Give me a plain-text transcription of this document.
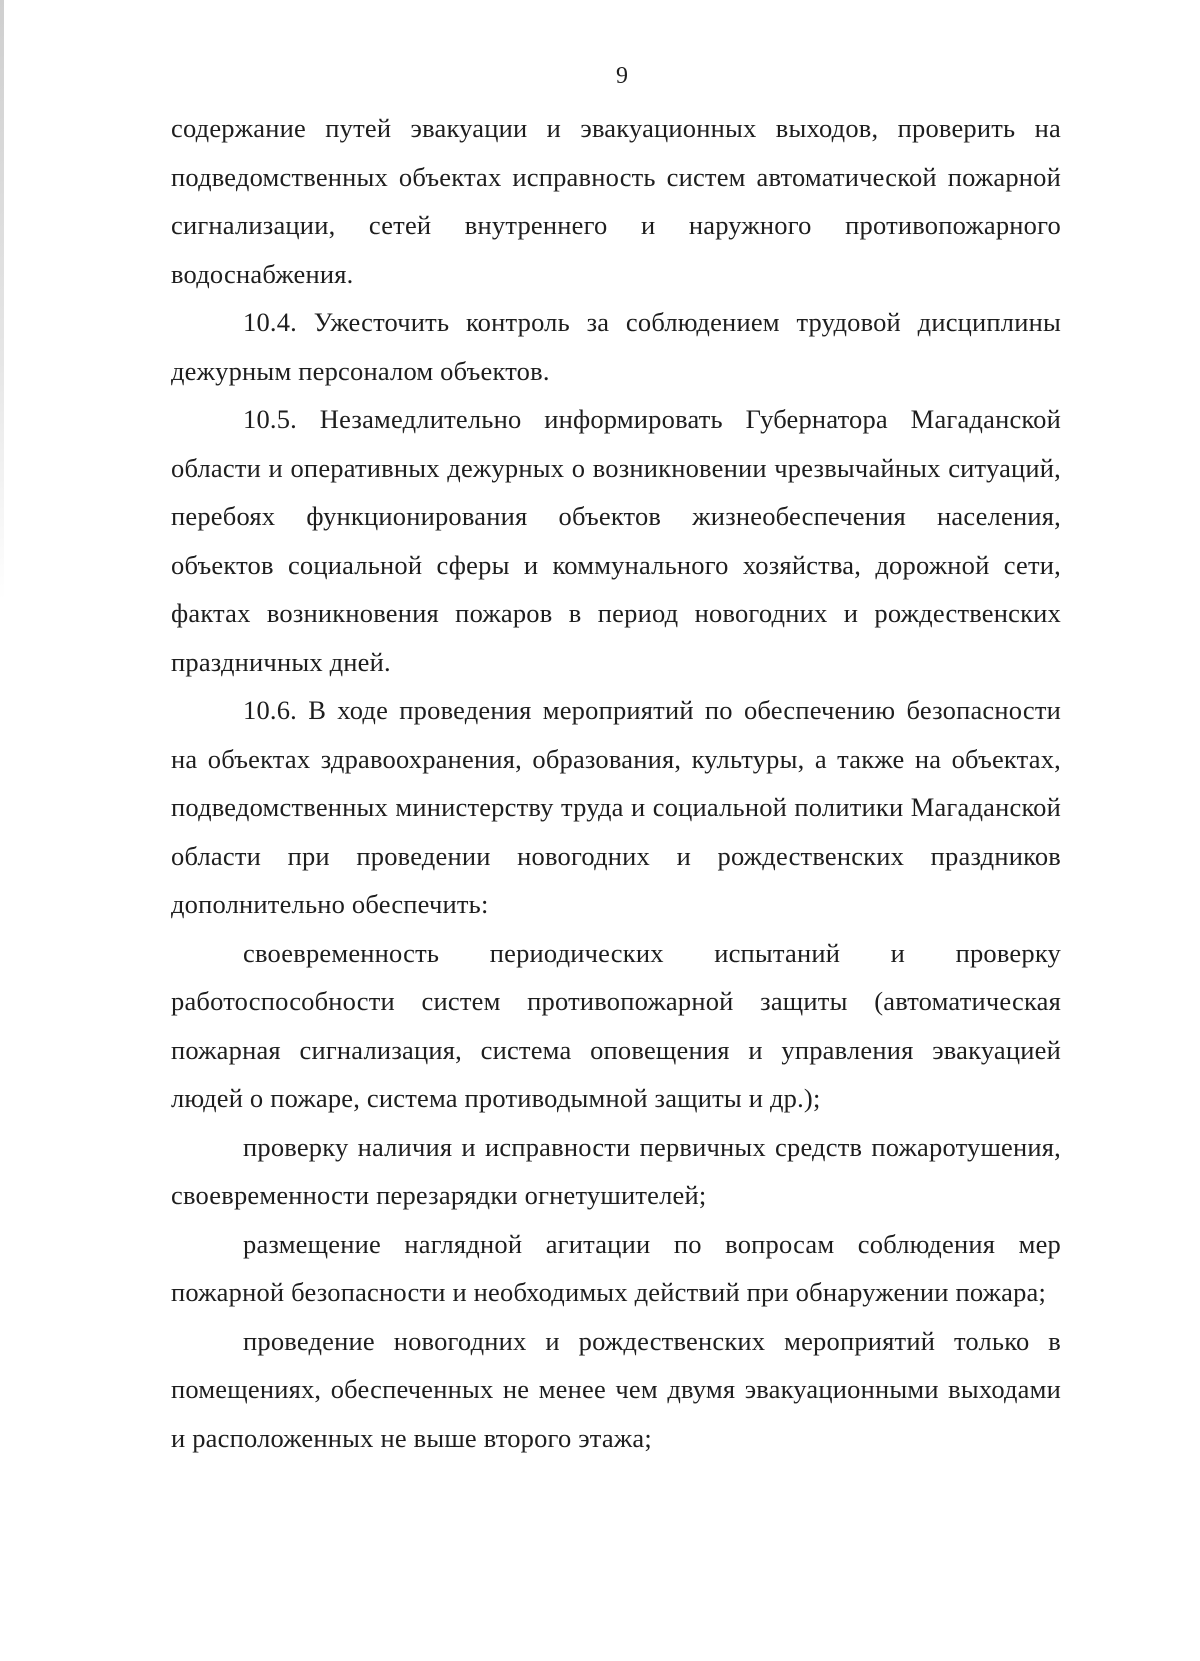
9

содержание путей эвакуации и эвакуационных выходов, проверить на подведомственных объектах исправность систем автоматической пожарной сигнализации, сетей внутреннего и наружного противопожарного водоснабжения.

10.4. Ужесточить контроль за соблюдением трудовой дисциплины дежурным персоналом объектов.

10.5. Незамедлительно информировать Губернатора Магаданской области и оперативных дежурных о возникновении чрезвычайных ситуаций, перебоях функционирования объектов жизнеобеспечения населения, объектов социальной сферы и коммунального хозяйства, дорожной сети, фактах возникновения пожаров в период новогодних и рождественских праздничных дней.

10.6. В ходе проведения мероприятий по обеспечению безопасности на объектах здравоохранения, образования, культуры, а также на объектах, подведомственных министерству труда и социальной политики Магаданской области при проведении новогодних и рождественских праздников дополнительно обеспечить:

своевременность периодических испытаний и проверку работоспособности систем противопожарной защиты (автоматическая пожарная сигнализация, система оповещения и управления эвакуацией людей о пожаре, система противодымной защиты и др.);

проверку наличия и исправности первичных средств пожаротушения, своевременности перезарядки огнетушителей;

размещение наглядной агитации по вопросам соблюдения мер пожарной безопасности и необходимых действий при обнаружении пожара;

проведение новогодних и рождественских мероприятий только в помещениях, обеспеченных не менее чем двумя эвакуационными выходами и расположенных не выше второго этажа;
